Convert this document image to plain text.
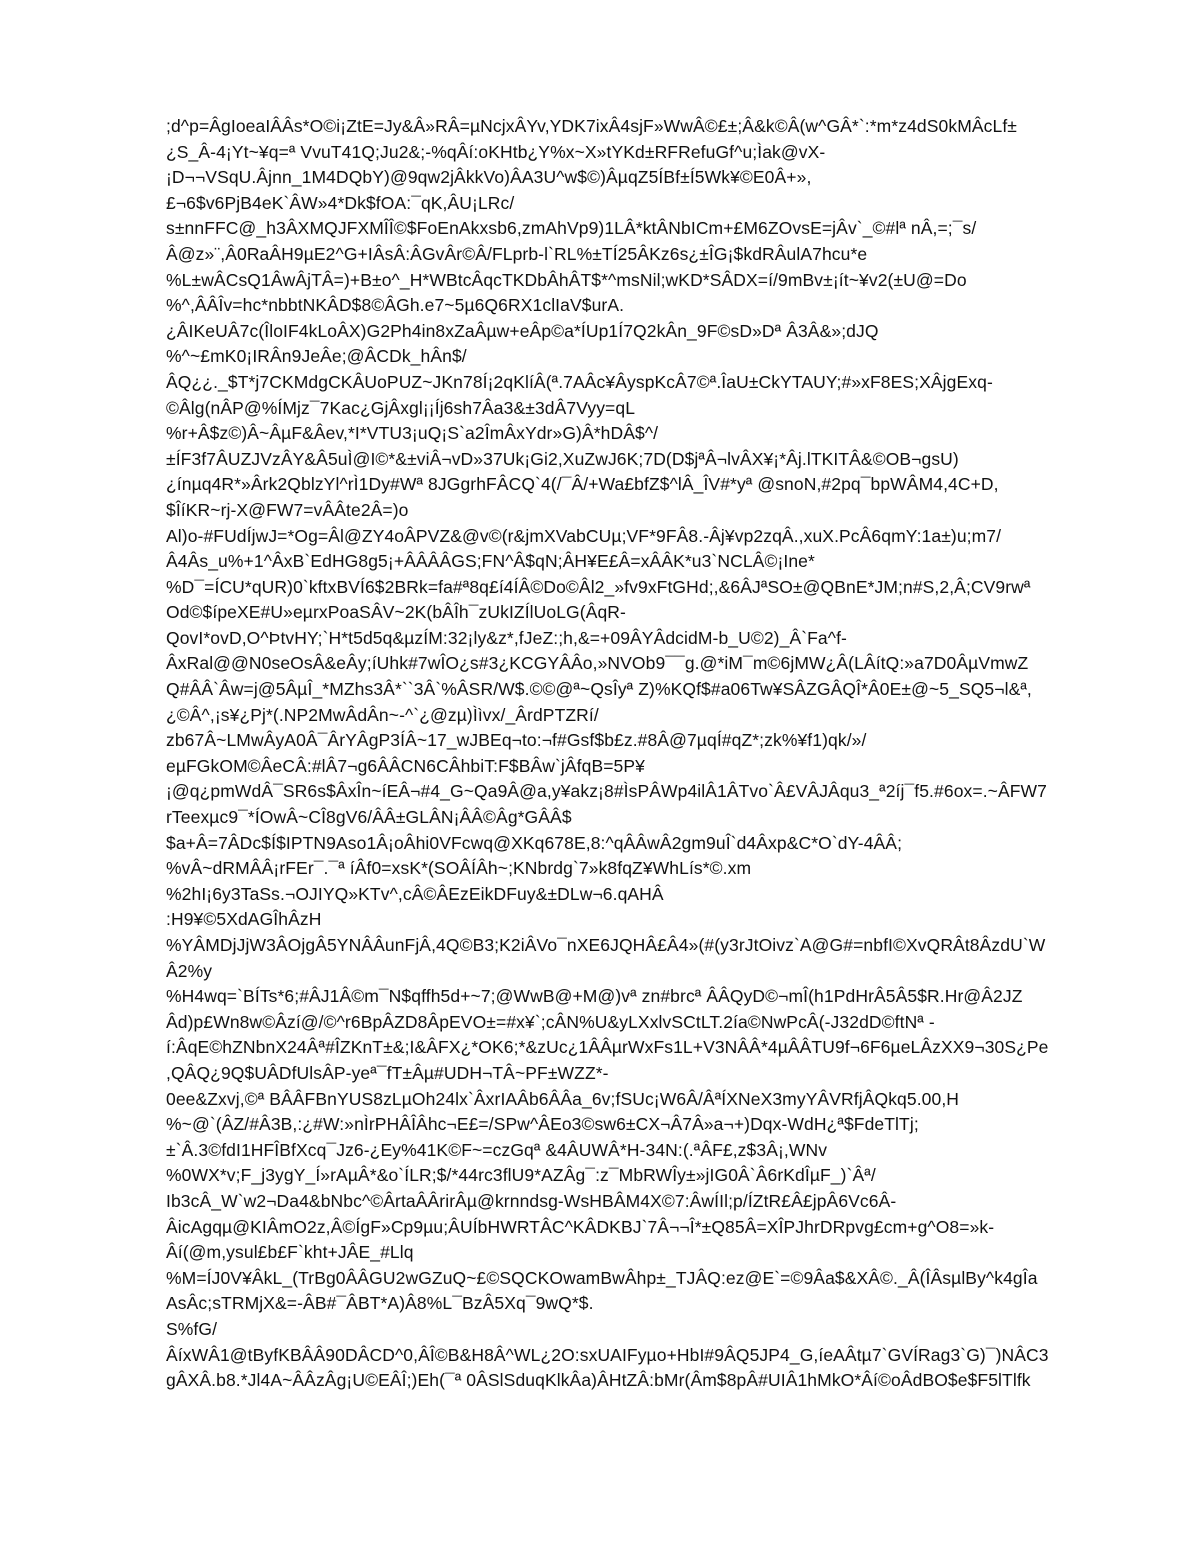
;d^p=ÂgIoeaIÂÂs*O©i¡ZtE=Jy&Â»RÂ=µNcjxÂYv,YDK7ixÂ4sjF»WwÂ©£±;Â&k©Â(w^GÂ*`:*m*z4dS0kMÂcLf±
¿S_Â-4¡Yt~¥q=ª VvuT41Q;Ju2&;-%qÂí:oKHtb¿Y%x~X»tYKd±RFRefuGf^u;Ìak@vX-
¡D¬¬VSqU.Âjnn_1M4DQbY)@9qw2jÂkkVo)ÂA3U^w$©)ÂµqZ5ÍBf±Í5Wk¥©E0Â+»,
£¬6$v6PjB4eK`ÂW»4*Dk$fOA:¯qK,ÂU¡LRc/
s±nnFFC@_h3ÂXMQJFXMÎÎ©$FoEnAkxsb6,zmAhVp9)1LÂ*ktÂNbICm+£M6ZOvsE=jÂv`_©#lª nÂ,=;¯s/
Â@z»¨,Â0RaÂH9µE2^G+IÂsÂ:ÂGvÂr©Â/FLprb-l`RL%±TÍ25ÂKz6s¿±ÎG¡$kdRÂulA7hcu*e
%L±wÂCsQ1ÂwÂjTÂ=)+B±o^_H*WBtcÂqcTKDbÂhÂT$*^msNil;wKD*SÂDX=í/9mBv±¡ít~¥v2(±U@=Do
%^,ÂÂÎv=hc*nbbtNKÂD$8©ÂGh.e7~5µ6Q6RX1clIaV$urA.
¿ÂIKeUÂ7c(ÎloIF4kLoÂX)G2Ph4in8xZaÂµw+eÂp©a*ÍUp1Í7Q2kÂn_9F©sD»Dª Â3Â&»;dJQ
%^~£mK0¡IRÂn9JeÂe;@ÂCDk_hÂn$/
ÂQ¿¿._$T*j7CKMdgCKÂUoPUZ~JKn78Í¡2qKlíÂ(ª.7AÂc¥ÂyspKcÂ7©ª.ÎaU±CkYTAUY;#»xF8ES;XÂjgExq-
©Âlg(nÂP@%ÍMjz¯7Kac¿GjÂxgl¡¡Íj6sh7Âa3&±3dÂ7Vyy=qL
%r+Â$z©)Â~ÂµF&Âev,*I*VTU3¡uQ¡S`a2ÎmÂxYdr»G)Â*hDÂ$^/
±ÍF3f7ÂUZJVzÂY&Â5uÌ@I©*&±viÂ¬vD»37Uk¡Gi2,XuZwJ6K;7D(D$jªÂ¬lvÂX¥¡*Âj.lTKITÂ&©OB¬gsU)
¿ínµq4R*»Ârk2QblzYl^rÌ1Dy#Wª 8JGgrhFÂCQ`4(/¯Â/+Wa£bfZ$^lÂ_ÎV#*yª @snoN,#2pq¯bpWÂM4,4C+D,
$ÎíKR~rj-X@FW7=vÂÂte2Â=)o
Al)o-#FUdÍjwJ=*Og=Âl@ZY4oÂPVZ&@v©(r&jmXVabCUµ;VF*9FÂ8.-Âj¥vp2zqÂ.,xuX.PcÂ6qmY:1a±)u;m7/
Â4Âs_u%+1^ÂxB`EdHG8g5¡+ÂÂÂÂGS;FN^Â$qN;ÂH¥E£Â=xÂÂK*u3`NCLÂ©¡Ine*
%D¯=ÍCU*qUR)0`kftxBVÍ6$2BRk=fa#ª8q£í4ÍÂ©Do©Âl2_»fv9xFtGHd;,&6ÂJªSO±@QBnE*JM;n#S,2,Â;CV9rwª
Od©$ípeXE#U»eµrxPoaSÂV~2K(bÂÎh¯zUkIZÍlUoLG(ÂqR-
QovI*ovD,O^ÞtvHY;`H*t5d5q&µzÍM:32¡ly&z*,fJeZ:;h,&=+09ÂYÂdcidM-b_U©2)_Â`Fa^f-
ÂxRal@@N0seOsÂ&eÂy;íUhk#7wÎO¿s#3¿KCGYÂÂo,»NVOb9¯¯g.@*iM¯m©6jMW¿Â(LÂítQ:»a7D0ÂµVmwZ
Q#ÂÂ`Âw=j@5ÂµÎ_*MZhs3Â*``3Â`%ÂSR/W$.©©@ª~QsÎyª Z)%KQf$#a06Tw¥SÂZGÂQÎ*Â0E±@~5_SQ5¬l&ª,
¿©Â^,¡s¥¿Pj*(.NP2MwÂdÂn~-^`¿@zµ)Ììvx/_ÂrdPTZRí/
zb67Â~LMwÂyA0Â¯ÂrYÂgP3ÍÂ~17_wJBEq¬to:¬f#Gsf$b£z.#8Â@7µqÍ#qZ*;zk%¥f1)qk/»/
eµFGkOM©ÂeCÂ:#lÂ7¬g6ÂÂCN6CÂhbiT:F$BÂw`jÂfqB=5P¥
¡@q¿pmWdÂ¯SR6s$ÂxÎn~íEÂ¬#4_G~Qa9Â@a,y¥akz¡8#ÌsPÂWp4ilÂ1ÂTvo`Â£VÂJÂqu3_ª2íj¯f5.#6ox=.~ÂFW7
rTeexµc9¯*ÍOwÂ~CÎ8gV6/ÂÂ±GLÂN¡ÂÂ©Âg*GÂÂ$
$a+Â=7ÂDc$Í$IPTN9Aso1Â¡oÂhi0VFcwq@XKq678E,8:^qÂÂwÂ2gm9uÎ`d4Âxp&C*O`dY-4ÂÂ;
%vÂ~dRMÂÂ¡rFEr¯.¯ª íÂf0=xsK*(SOÂÍÂh~;KNbrdg`7»k8fqZ¥WhLís*©.xm
%2hI¡6y3TaSs.¬OJIYQ»KTv^,cÂ©ÂEzEikDFuy&±DLw¬6.qAHÂ
:H9¥©5XdAGÎhÂzH
%YÂMDjJjW3ÂOjgÂ5YNÂÂunFjÂ,4Q©B3;K2iÂVo¯nXE6JQHÂ£Â4»(#(y3rJtOivz`A@G#=nbfI©XvQRÂt8ÂzdU`W
Â2%y
%H4wq=`BÍTs*6;#ÂJ1Â©m¯N$qffh5d+~7;@WwB@+M@)vª zn#brcª ÂÂQyD©¬mÎ(h1PdHrÂ5Â5$R.Hr@Â2JZ
Âd)p£Wn8w©Âzí@/©^r6BpÂZD8ÂpEVO±=#x¥`;cÂN%U&yLXxlvSCtLT.2ía©NwPcÂ(-J32dD©ftNª -
í:ÂqE©hZNbnX24Âª#ÎZKnT±&;I&ÂFX¿*OK6;*&zUc¿1ÂÂµrWxFs1L+V3NÂÂ*4µÂÂTU9f¬6F6µeLÂzXX9¬30S¿Pe
,QÂQ¿9Q$UÂDfUlsÂP-yeª¯fT±Âµ#UDH¬TÂ~PF±WZZ*-
0ee&Zxvj,©ª BÂÂFBnYUS8zLµOh24lx`ÂxrIAÂb6ÂÂa_6v;fSUc¡W6Â/ÂªÍXNeX3myYÂVRfjÂQkq5.00,H
%~@`(ÂZ/#Â3B,:¿#W:»nÌrPHÂÎÂhc¬E£=/SPw^ÂEo3©sw6±CX¬Â7Â»a¬+)Dqx-WdH¿ª$FdeTlTj;
±`Â.3©fdI1HFÎBfXcq¯Jz6-¿Ey%41K©F~=czGqª &4ÂUWÂ*H-34N:(.ªÂF£,z$3Â¡,WNv
%0WX*v;F_j3ygY_Í»rAµÂ*&o`ÍLR;$/*44rc3flU9*AZÂg¯:z¯MbRWÎy±»jIG0Â`Â6rKdÎµF_)`Âª/
Ib3cÂ_W`w2¬Da4&bNbc^©ÂrtaÂÂrirÂµ@krnndsg-WsHBÂM4X©7:ÂwÍIl;p/ÍZtR£Â£jpÂ6Vc6Â-
ÂicAgqµ@KIÂmO2z,Â©ÍgF»Cp9µu;ÂUÍbHWRTÂC^KÂDKBJ`7Â¬¬Î*±Q85Â=XÎPJhrDRpvg£cm+g^O8=»k-
Âí(@m,ysul£b£F`kht+JÂE_#Llq
%M=ÍJ0V¥ÂkL_(TrBg0ÂÂGU2wGZuQ~£©SQCKOwamBwÂhp±_TJÂQ:ez@E`=©9Âa$&XÂ©._Â(ÎÂsµlBy^k4gÎa
AsÂc;sTRMjX&=-ÂB#¯ÂBT*A)Â8%L¯BzÂ5Xq¯9wQ*$.
S%fG/
ÂíxWÂ1@tByfKBÂÂ90DÂCD^0,ÂÎ©B&H8Â^WL¿2O:sxUAIFyµo+HbI#9ÂQ5JP4_G,íeAÂtµ7`GVÍRag3`G)¯)NÂC3
gÂXÂ.b8.*Jl4A~ÂÂzÂg¡U©EÂÎ;)Eh(¯ª 0ÂSlSduqKlkÂa)ÂHtZÂ:bMr(Âm$8pÂ#UIÂ1hMkO*Âí©oÂdBO$e$F5lTlfk
